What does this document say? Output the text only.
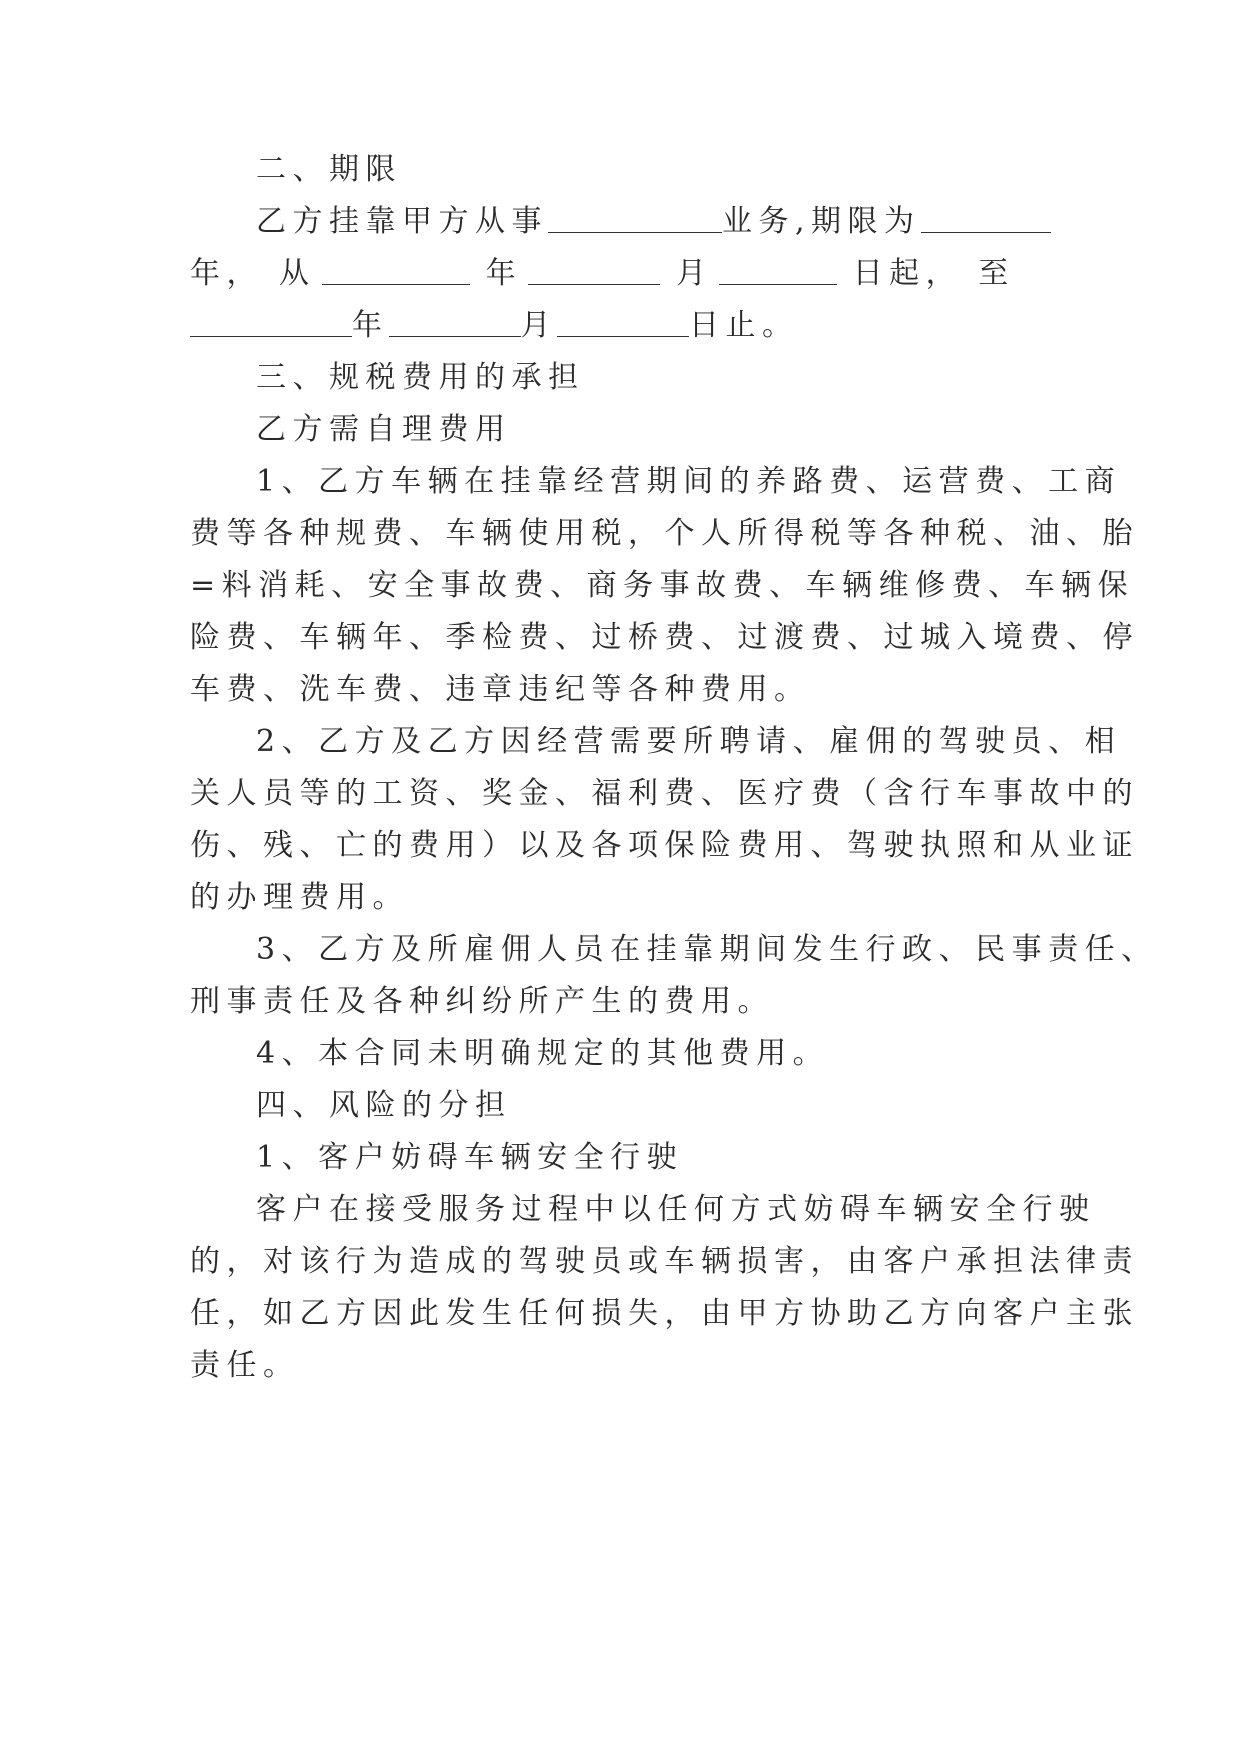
二、期限
乙方挂靠甲方从事	业务,期限为
年， 从	年	月	日起， 至
年	月	日止。
三、规税费用的承担
乙方需自理费用
1、乙方车辆在挂靠经营期间的养路费、运营费、工商
费等各种规费、车辆使用税，个人所得税等各种税、油、胎
=料消耗、安全事故费、商务事故费、车辆维修费、车辆保
险费、车辆年、季检费、过桥费、过渡费、过城入境费、停
车费、洗车费、违章违纪等各种费用。
2、乙方及乙方因经营需要所聘请、雇佣的驾驶员、相
关人员等的工资、奖金、福利费、医疗费（含行车事故中的
伤、残、亡的费用）以及各项保险费用、驾驶执照和从业证
的办理费用。
3、乙方及所雇佣人员在挂靠期间发生行政、民事责任、
刑事责任及各种纠纷所产生的费用。
4、本合同未明确规定的其他费用。
四、风险的分担
1、客户妨碍车辆安全行驶
客户在接受服务过程中以任何方式妨碍车辆安全行驶
的，对该行为造成的驾驶员或车辆损害，由客户承担法律责
任，如乙方因此发生任何损失，由甲方协助乙方向客户主张
责任。
